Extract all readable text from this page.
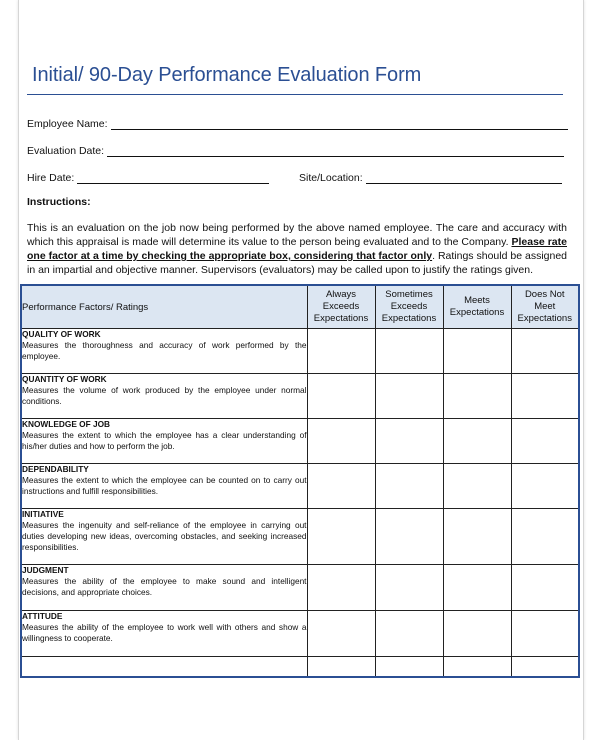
Initial/ 90-Day Performance Evaluation Form
Employee Name:
Evaluation Date:
Hire Date:	Site/Location:
Instructions:
This is an evaluation on the job now being performed by the above named employee. The care and accuracy with which this appraisal is made will determine its value to the person being evaluated and to the Company. Please rate one factor at a time by checking the appropriate box, considering that factor only. Ratings should be assigned in an impartial and objective manner. Supervisors (evaluators) may be called upon to justify the ratings given.
Performance Factors/ Ratings	Always
Exceeds
Expectations	Sometimes
Exceeds
Expectations	Meets
Expectations	Does Not
Meet
Expectations

QUALITY OF WORK
Measures the thoroughness and accuracy of work performed by the employee.				

QUANTITY OF WORK
Measures the volume of work produced by the employee under normal conditions.				

KNOWLEDGE OF JOB
Measures the extent to which the employee has a clear understanding of his/her duties and how to perform the job.				

DEPENDABILITY
Measures the extent to which the employee can be counted on to carry out instructions and fulfill responsibilities.				

INITIATIVE
Measures the ingenuity and self-reliance of the employee in carrying out duties developing new ideas, overcoming obstacles, and seeking increased responsibilities.				

JUDGMENT
Measures the ability of the employee to make sound and intelligent decisions, and appropriate choices.				

ATTITUDE
Measures the ability of the employee to work well with others and show a willingness to cooperate.				
